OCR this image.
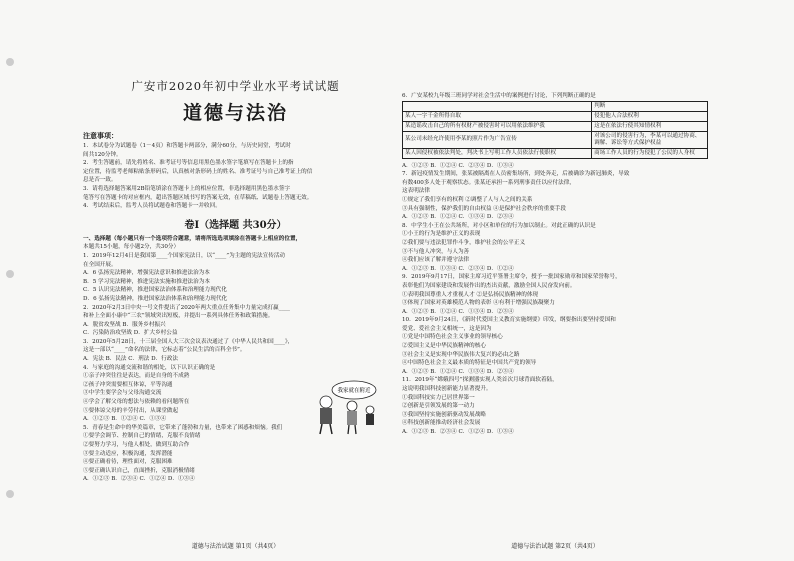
广安市2020年初中学业水平考试试题
道德与法治
注意事项：
1．本试卷分为试题卷（1－4页）和答题卡两部分，满分60分，与历史同堂，考试时
间共120分钟。
2．考生答题前，请先将姓名、准考证号等信息用黑色墨水签字笔填写在答题卡上的指
定位置，待监考老师粘贴条形码后，认真核对条形码上的姓名、准考证号与自己准考证上的信
息是否一致。
3．请将选择题答案用2B铅笔填涂在答题卡上的相应位置，非选择题用黑色墨水签字
笔答写在答题卡的对应框内，超出答题区域书写的答案无效，在草稿纸、试题卷上答题无效。
4．考试结束后，监考人员将试题卷和答题卡一并收回。
卷Ⅰ（选择题 共30分）
一、选择题（每小题只有一个选项符合题意，请将所选选项填涂在答题卡上相应的位置，
本题共15小题，每小题2分，共30分）
1．2019年12月4日是我国第____个国家宪法日，以“____”为主题的宪法宣传活动
在全国开展。
A．6 弘扬宪法精神，增强宪法意识和推进法治为本
B．5 学习宪法精神，推进宪法实施和推进法治为本
C．5 认识宪法精神，推进国家法治体系和治理能力现代化
D．6 弘扬宪法精神，推进国家法治体系和治理能力现代化
2．2020年2月3日中央一号文件提出了2020年两大重点任务集中力量完成打赢____
和补上全面小康中“三农”领域突出短板，并提出一系列具体任务和政策措施。
A．脱贫攻坚战 B．服务乡村振兴
C．污染防治攻坚战 D．扩大乡村公益
3．2020年5月28日，十三届全国人大三次会议表决通过了《中华人民共和国____》，
这是一部以“____”命名的法律，它标志着“公民生活的百科全书”。
A．宪法 B．民法 C．刑法 D．行政法
4．与家庭的沟通交流和谐的相处，以下认识正确的是
①亲子冲突往往是表达，而是自身的不成熟
②孩子冲突需要相互体谅，平等沟通
③中学生要学会与父母沟通交流
④学会了解父母的想法与依赖的看问题所在
⑤要体谅父母的辛劳付出，从课堂做起
A．①②③ B．①②④ C．①③④
5．青春是生命中的华美篇章，它带来了蓬勃和力量，也带来了困惑和烦恼。我们
①要学会调节、控制自己的情绪，克服不良情绪
②要努力学习，与他人相处，做到互助合作
③要主动适应，积极沟通，发挥潜能
④要正确看待，理性面对，克服困难
⑤要正确认识自己，直面挫折，克服消极情绪
A．①②③ B．②③④ C．①②④ D．①③④
我家就在附近
道德与法治试题 第1页（共4页）
6．广安某校九年级三班同学对社会生活中的案例进行讨论，下列判断正确的是
	判断
某人一字千金所得自取	侵犯他人合法权利
某造谣攻击自己的所有权财产被侵害时可以用依法维护我	这是在依法行使其知情权利
某公司未经允许使用李某的照片作为广告宣传	对该公司的侵害行为，李某可以通过协商、调解、诉讼等方式保护权益
某人因侵权被依法判处，判决书上写明工作人员依法行使职权	商场工作人员的行为侵犯了公民的人身权
A．①②③ B．①②④ C．②③④ D．①③④
7．新冠疫情发生期间，张某被隔离在人员密集场所，到处奔走，后被确诊为新冠肺炎，导致
有数400多人处于观察状态。张某还承担一系列刑事责任以应付法律，
这表明法律
①规定了我们享有的权利 ②调整了人与人之间的关系
③具有强制性，保护我们的自由权益 ④是保护社会秩序的重要手段
A．①②③ B．①②④ C．①③④ D．②③④
8．中学生小王在公共场所，对小区和单位的行为加以制止。对此正确的认识是
①小王的行为是维护正义的表现
②我们要与违法犯罪作斗争，维护社会的公平正义
③不与他人冲突，与人为善
④我们应该了解并遵守法律
A．①②③ B．①③④ C．②③④ D．①②④
9．2019年9月17日，国家主席习近平签署主席令，授予一批国家勋章和国家荣誉称号，
表彰他们为国家建设和发展作出的杰出贡献，激励全国人民奋发向前。
①表明我国尊重人才重视人才 ②是弘扬民族精神的体现
③体现了国家对英雄模范人物的表彰 ④有利于增强民族凝聚力
A．①②③ B．①②④ C．①③④ D．②③④
10．2019年9月24日，《新时代爱国主义教育实施纲要》印发，纲要指出要坚持爱国和
爱党、爱社会主义相统一，这是因为
①党是中国特色社会主义事业的领导核心
②爱国主义是中华民族精神的核心
③社会主义是实现中华民族伟大复兴的必由之路
④中国特色社会主义最本质的特征是中国共产党的领导
A．①②③ B．①②④ C．①③④ D．②③④
11．2019年“嫦娥四号”探测器实现人类首次月球背面软着陆，
这说明我国科技创新能力显著提升。
①我国科技实力已居世界第一
②创新是引领发展的第一动力
③我国坚持实施创新驱动发展战略
④科技创新能推动经济社会发展
A．①②③ B．②③④ C．①②④ D．①③④
道德与法治试题 第2页（共4页）
